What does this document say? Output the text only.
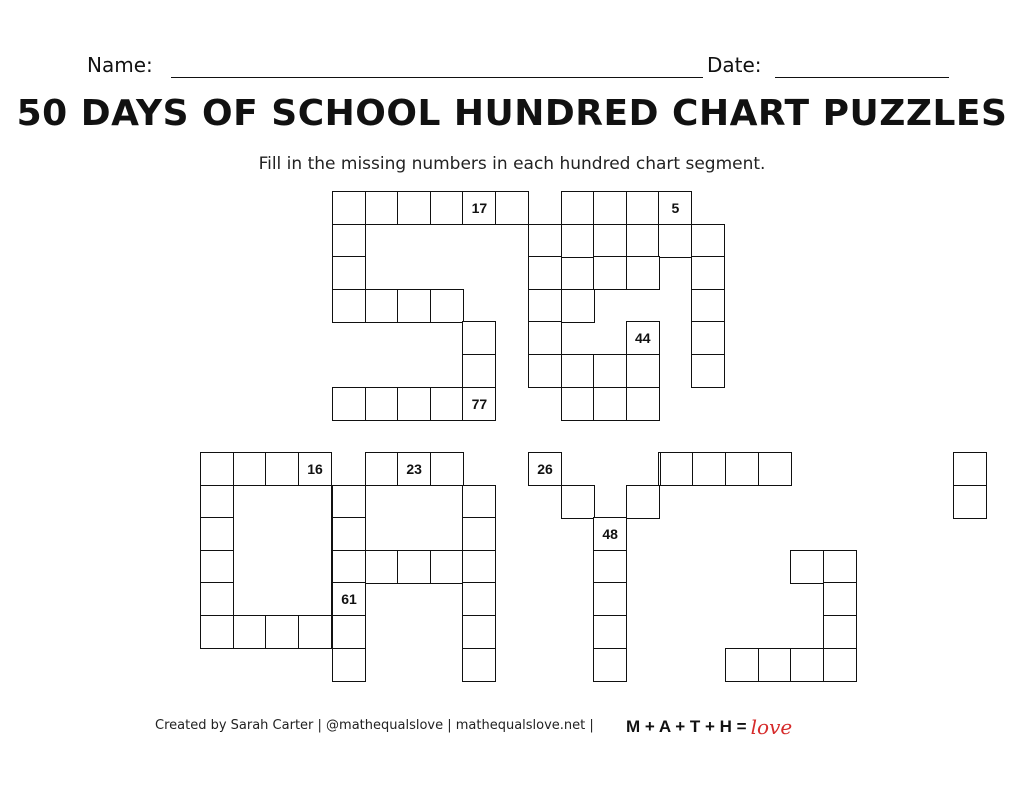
Name:	Date:
50 DAYS OF SCHOOL HUNDRED CHART PUZZLES
Fill in the missing numbers in each hundred chart segment.
17
77
5
44
16	23
61
26
48
Created by Sarah Carter | @mathequalslove | mathequalslove.net | M + A + T + H = love
